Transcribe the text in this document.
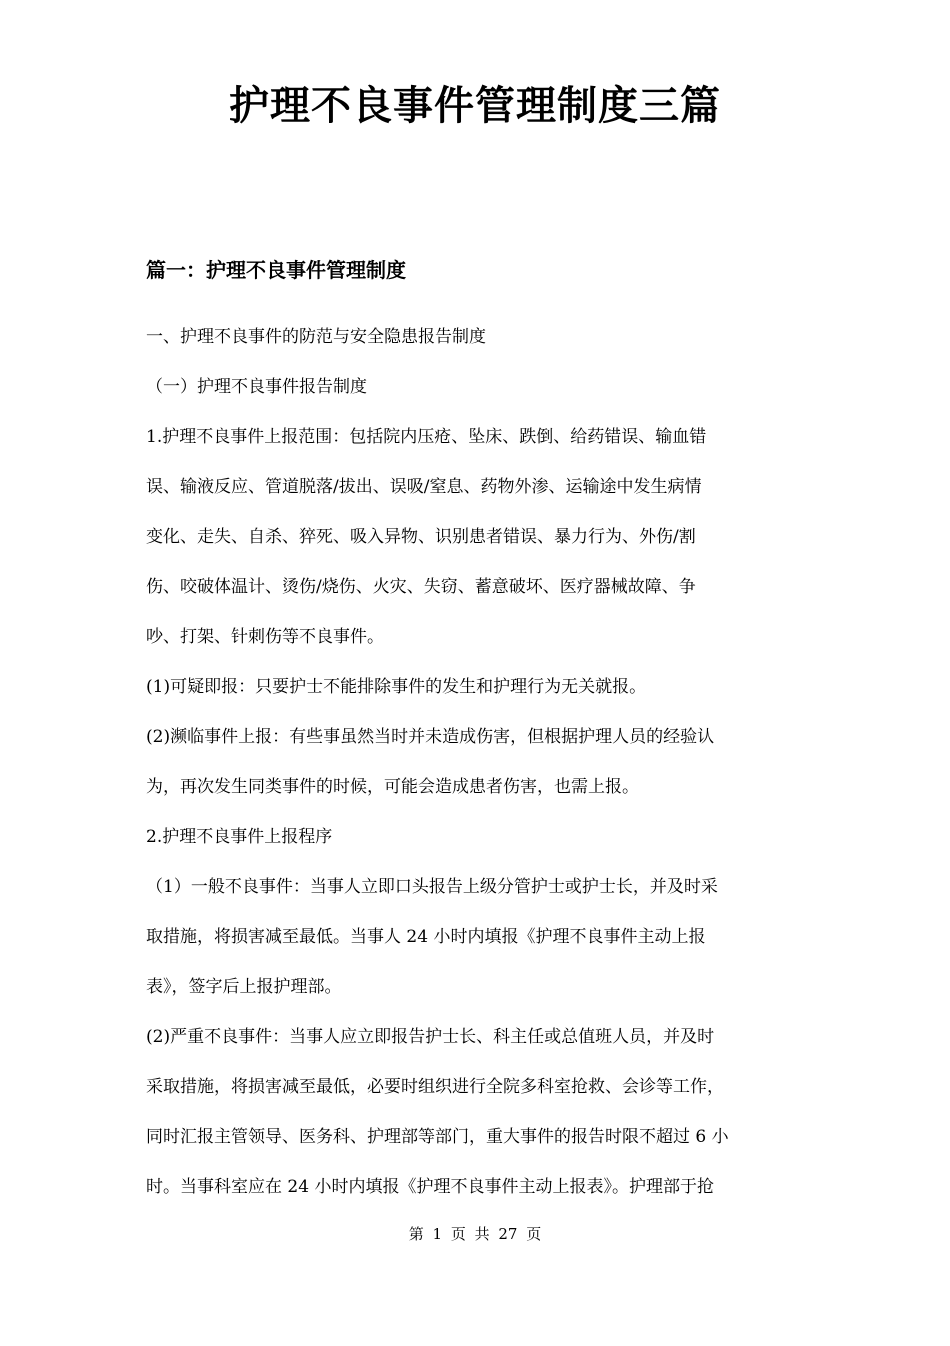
护理不良事件管理制度三篇
篇一：护理不良事件管理制度

一、护理不良事件的防范与安全隐患报告制度

（一）护理不良事件报告制度

1.护理不良事件上报范围：包括院内压疮、坠床、跌倒、给药错误、输血错

误、输液反应、管道脱落/拔出、误吸/窒息、药物外渗、运输途中发生病情

变化、走失、自杀、猝死、吸入异物、识别患者错误、暴力行为、外伤/割

伤、咬破体温计、烫伤/烧伤、火灾、失窃、蓄意破坏、医疗器械故障、争

吵、打架、针刺伤等不良事件。

(1)可疑即报：只要护士不能排除事件的发生和护理行为无关就报。

(2)濒临事件上报：有些事虽然当时并未造成伤害，但根据护理人员的经验认

为，再次发生同类事件的时候，可能会造成患者伤害，也需上报。

2.护理不良事件上报程序

（1）一般不良事件：当事人立即口头报告上级分管护士或护士长，并及时采

取措施，将损害减至最低。当事人 24 小时内填报《护理不良事件主动上报

表》，签字后上报护理部。

(2)严重不良事件：当事人应立即报告护士长、科主任或总值班人员，并及时

采取措施，将损害减至最低，必要时组织进行全院多科室抢救、会诊等工作，

同时汇报主管领导、医务科、护理部等部门，重大事件的报告时限不超过 6 小

时。当事科室应在 24 小时内填报《护理不良事件主动上报表》。护理部于抢

第 1 页 共 27 页
